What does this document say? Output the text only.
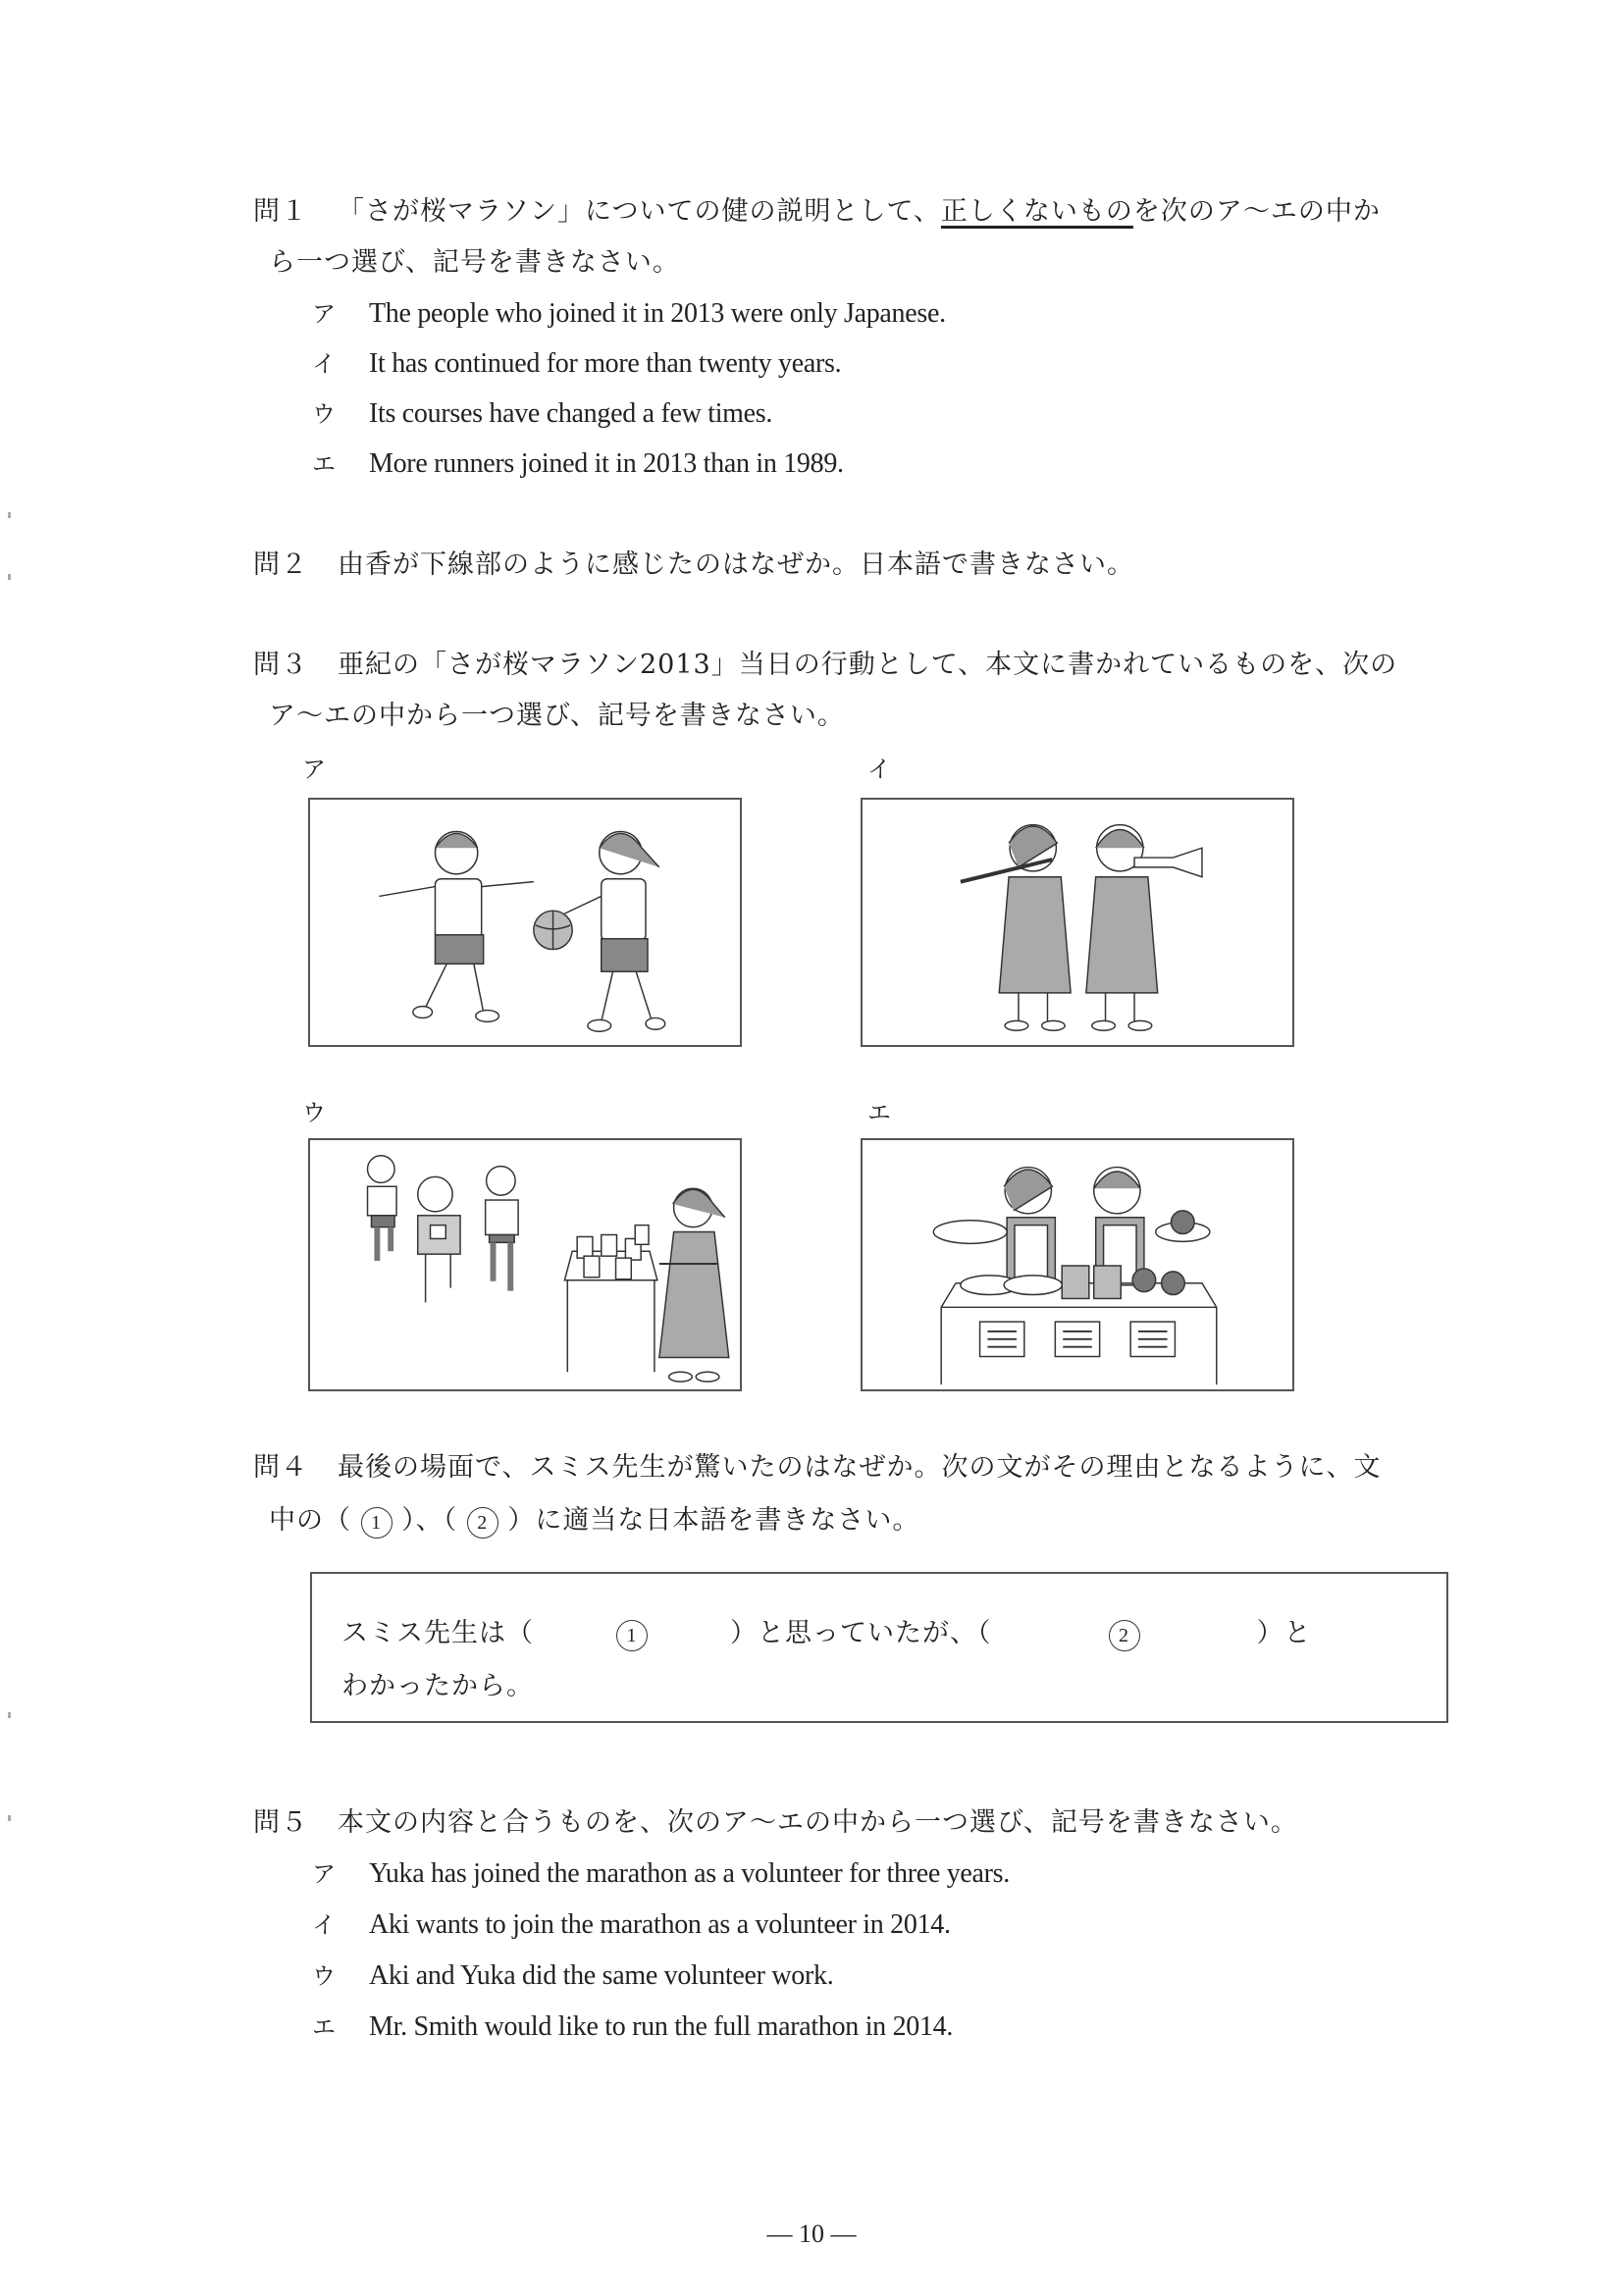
問１ 「さが桜マラソン」についての健の説明として、正しくないものを次のア～エの中か
ら一つ選び、記号を書きなさい。
ア The people who joined it in 2013 were only Japanese.
イ It has continued for more than twenty years.
ウ Its courses have changed a few times.
エ More runners joined it in 2013 than in 1989.
問２ 由香が下線部のように感じたのはなぜか。日本語で書きなさい。
問３ 亜紀の「さが桜マラソン2013」当日の行動として、本文に書かれているものを、次の
ア～エの中から一つ選び、記号を書きなさい。
ア	イ
ウ	エ
問４ 最後の場面で、スミス先生が驚いたのはなぜか。次の文がその理由となるように、文
中の（ 1 ）、（ 2 ）に適当な日本語を書きなさい。
スミス先生は（	1	）と思っていたが、（	2	）と
わかったから。
問５ 本文の内容と合うものを、次のア～エの中から一つ選び、記号を書きなさい。
ア Yuka has joined the marathon as a volunteer for three years.
イ Aki wants to join the marathon as a volunteer in 2014.
ウ Aki and Yuka did the same volunteer work.
エ Mr. Smith would like to run the full marathon in 2014.
— 10 —
